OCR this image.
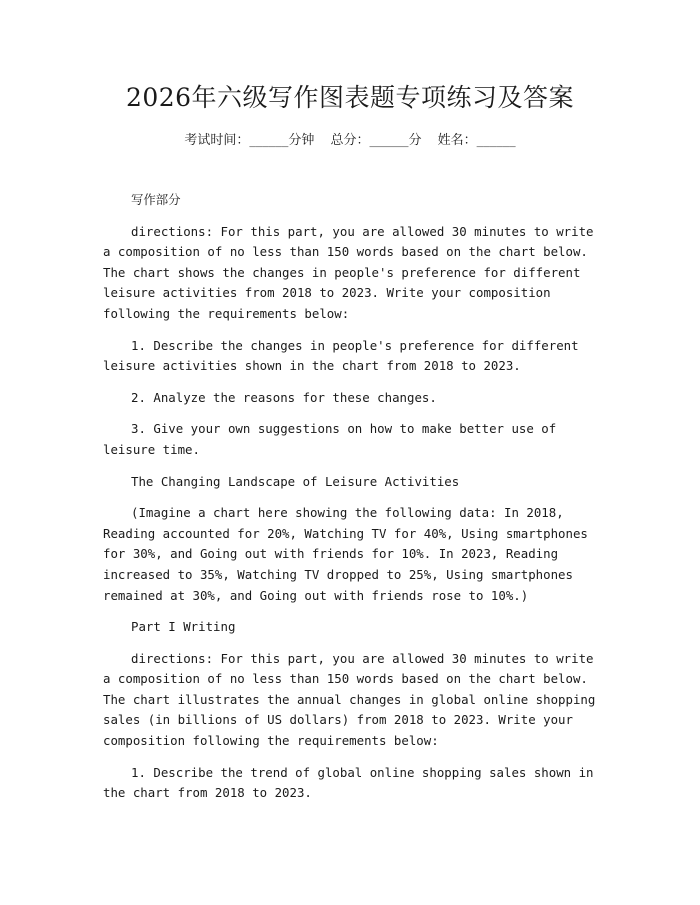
2026年六级写作图表题专项练习及答案
考试时间：______分钟 总分：______分 姓名：______

写作部分

directions: For this part, you are allowed 30 minutes to write a composition of no less than 150 words based on the chart below. The chart shows the changes in people's preference for different leisure activities from 2018 to 2023. Write your composition following the requirements below:

1. Describe the changes in people's preference for different leisure activities shown in the chart from 2018 to 2023.

2. Analyze the reasons for these changes.

3. Give your own suggestions on how to make better use of leisure time.

The Changing Landscape of Leisure Activities

(Imagine a chart here showing the following data: In 2018, Reading accounted for 20%, Watching TV for 40%, Using smartphones for 30%, and Going out with friends for 10%. In 2023, Reading increased to 35%, Watching TV dropped to 25%, Using smartphones remained at 30%, and Going out with friends rose to 10%.)

Part I Writing

directions: For this part, you are allowed 30 minutes to write a composition of no less than 150 words based on the chart below. The chart illustrates the annual changes in global online shopping sales (in billions of US dollars) from 2018 to 2023. Write your composition following the requirements below:

1. Describe the trend of global online shopping sales shown in the chart from 2018 to 2023.
